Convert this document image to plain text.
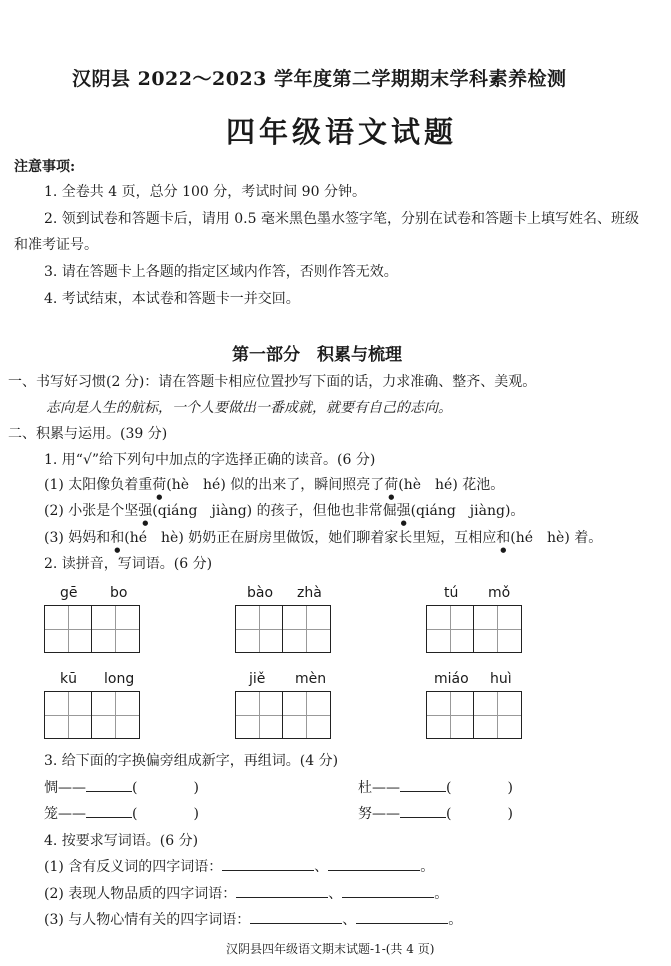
汉阴县 2022～2023 学年度第二学期期末学科素养检测
四年级语文试题
注意事项:
1. 全卷共 4 页，总分 100 分，考试时间 90 分钟。
2. 领到试卷和答题卡后，请用 0.5 毫米黑色墨水签字笔，分别在试卷和答题卡上填写姓名、班级
和准考证号。
3. 请在答题卡上各题的指定区域内作答，否则作答无效。
4. 考试结束，本试卷和答题卡一并交回。
第一部分　积累与梳理
一、书写好习惯(2 分)：请在答题卡相应位置抄写下面的话，力求准确、整齐、美观。
志向是人生的航标，一个人要做出一番成就，就要有自己的志向。
二、积累与运用。(39 分)
1. 用“√”给下列句中加点的字选择正确的读音。(6 分)
(1) 太阳像负着重荷(hè　hé) 似的出来了，瞬间照亮了荷(hè　hé) 花池。
(2) 小张是个坚强(qiáng　jiàng) 的孩子，但他也非常倔强(qiáng　jiàng)。
(3) 妈妈和和(hé　hè) 奶奶正在厨房里做饭，她们聊着家长里短，互相应和(hé　hè) 着。
2. 读拼音，写词语。(6 分)
gē bo	bào zhà	tú mǒ
kū long	jiě mèn	miáo huì
3. 给下面的字换偏旁组成新字，再组词。(4 分)
惆——	(　　　　)	杜——	(　　　　)
笼——	(　　　　)	努——	(　　　　)
4. 按要求写词语。(6 分)
(1) 含有反义词的四字词语：	、	。
(2) 表现人物品质的四字词语：	、	。
(3) 与人物心情有关的四字词语：	、	。
汉阴县四年级语文期末试题-1-(共 4 页)
